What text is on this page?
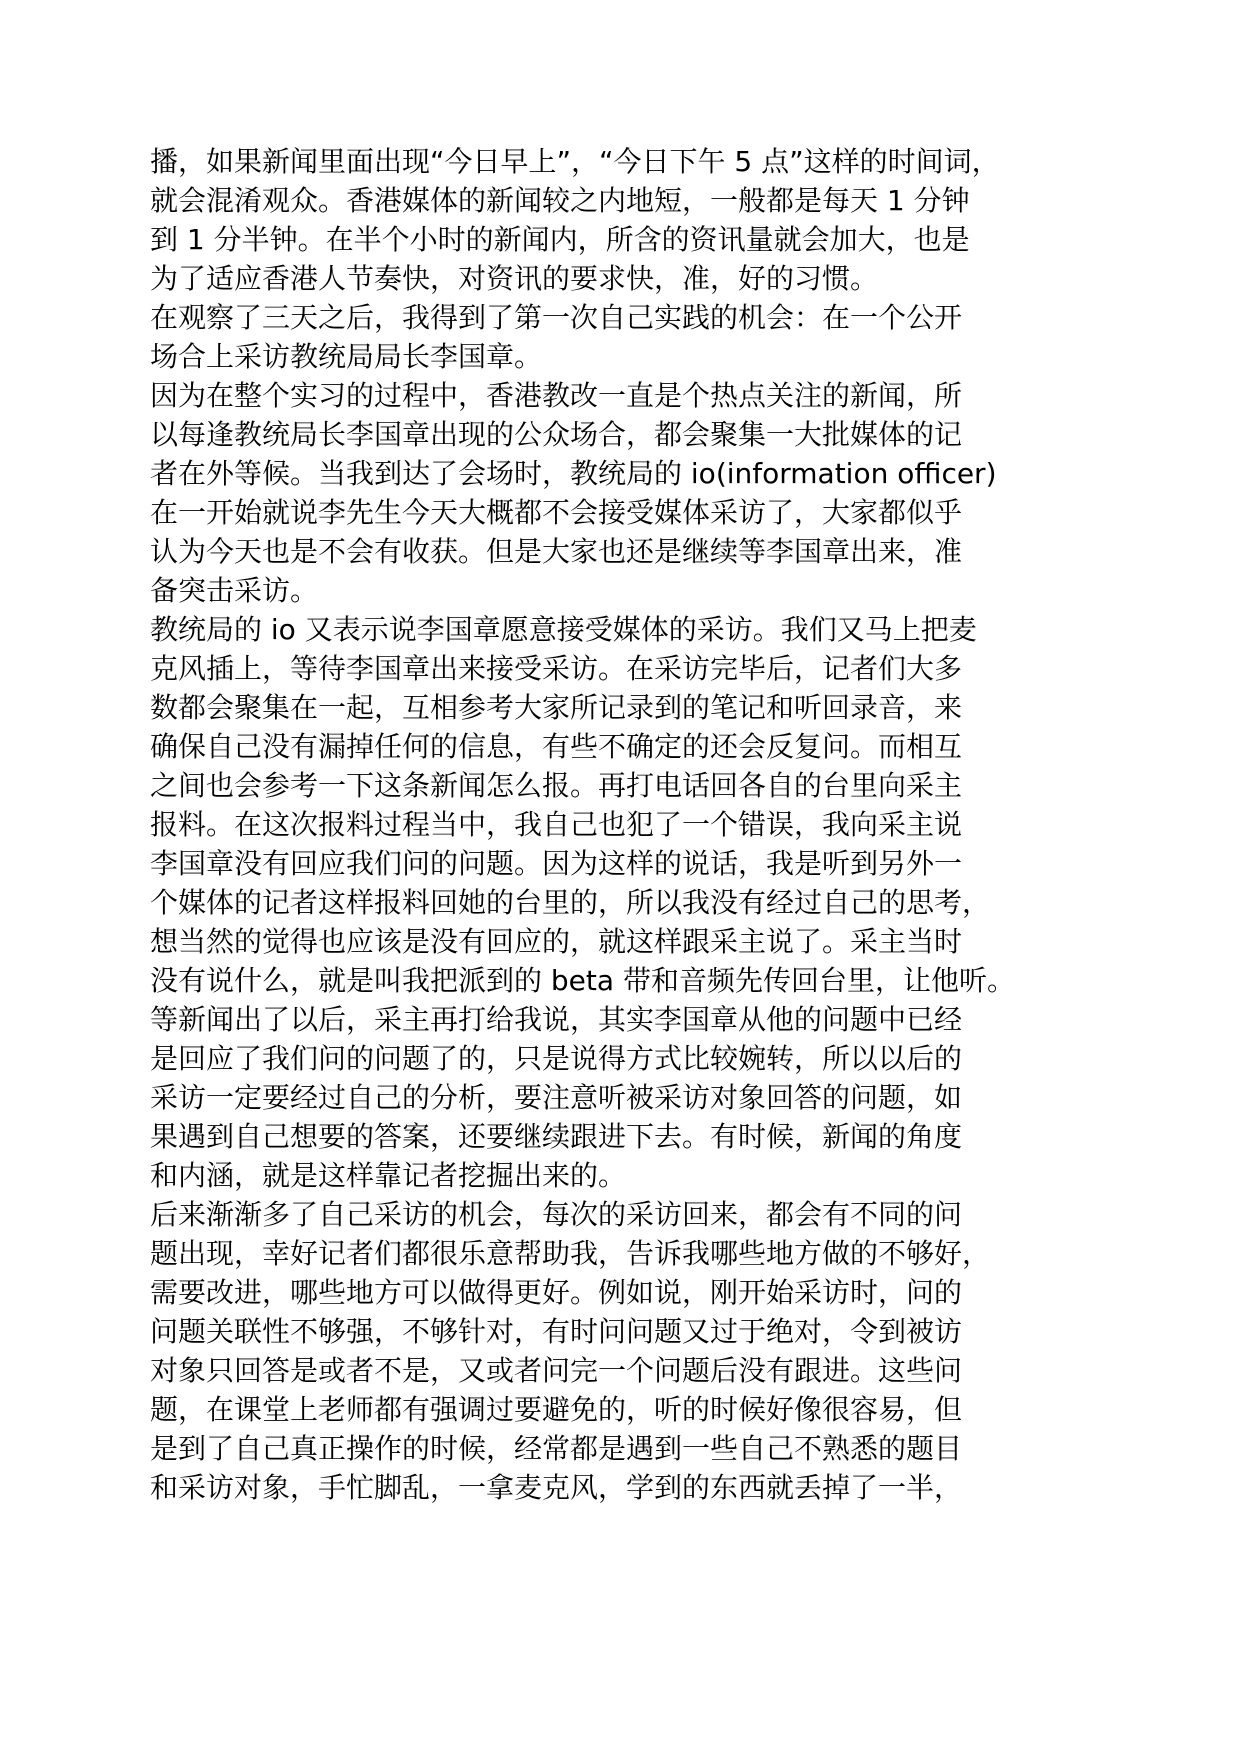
播，如果新闻里面出现“今日早上”，“今日下午 5 点”这样的时间词，
就会混淆观众。香港媒体的新闻较之内地短，一般都是每天 1 分钟
到 1 分半钟。在半个小时的新闻内，所含的资讯量就会加大，也是
为了适应香港人节奏快，对资讯的要求快，准，好的习惯。
在观察了三天之后，我得到了第一次自己实践的机会：在一个公开
场合上采访教统局局长李国章。
因为在整个实习的过程中，香港教改一直是个热点关注的新闻，所
以每逢教统局长李国章出现的公众场合，都会聚集一大批媒体的记
者在外等候。当我到达了会场时，教统局的 io(information officer)
在一开始就说李先生今天大概都不会接受媒体采访了，大家都似乎
认为今天也是不会有收获。但是大家也还是继续等李国章出来，准
备突击采访。
教统局的 io 又表示说李国章愿意接受媒体的采访。我们又马上把麦
克风插上，等待李国章出来接受采访。在采访完毕后，记者们大多
数都会聚集在一起，互相参考大家所记录到的笔记和听回录音，来
确保自己没有漏掉任何的信息，有些不确定的还会反复问。而相互
之间也会参考一下这条新闻怎么报。再打电话回各自的台里向采主
报料。在这次报料过程当中，我自己也犯了一个错误，我向采主说
李国章没有回应我们问的问题。因为这样的说话，我是听到另外一
个媒体的记者这样报料回她的台里的，所以我没有经过自己的思考，
想当然的觉得也应该是没有回应的，就这样跟采主说了。采主当时
没有说什么，就是叫我把派到的 beta 带和音频先传回台里，让他听。
等新闻出了以后，采主再打给我说，其实李国章从他的问题中已经
是回应了我们问的问题了的，只是说得方式比较婉转，所以以后的
采访一定要经过自己的分析，要注意听被采访对象回答的问题，如
果遇到自己想要的答案，还要继续跟进下去。有时候，新闻的角度
和内涵，就是这样靠记者挖掘出来的。
后来渐渐多了自己采访的机会，每次的采访回来，都会有不同的问
题出现，幸好记者们都很乐意帮助我，告诉我哪些地方做的不够好，
需要改进，哪些地方可以做得更好。例如说，刚开始采访时，问的
问题关联性不够强，不够针对，有时问问题又过于绝对，令到被访
对象只回答是或者不是，又或者问完一个问题后没有跟进。这些问
题，在课堂上老师都有强调过要避免的，听的时候好像很容易，但
是到了自己真正操作的时候，经常都是遇到一些自己不熟悉的题目
和采访对象，手忙脚乱，一拿麦克风，学到的东西就丢掉了一半，
